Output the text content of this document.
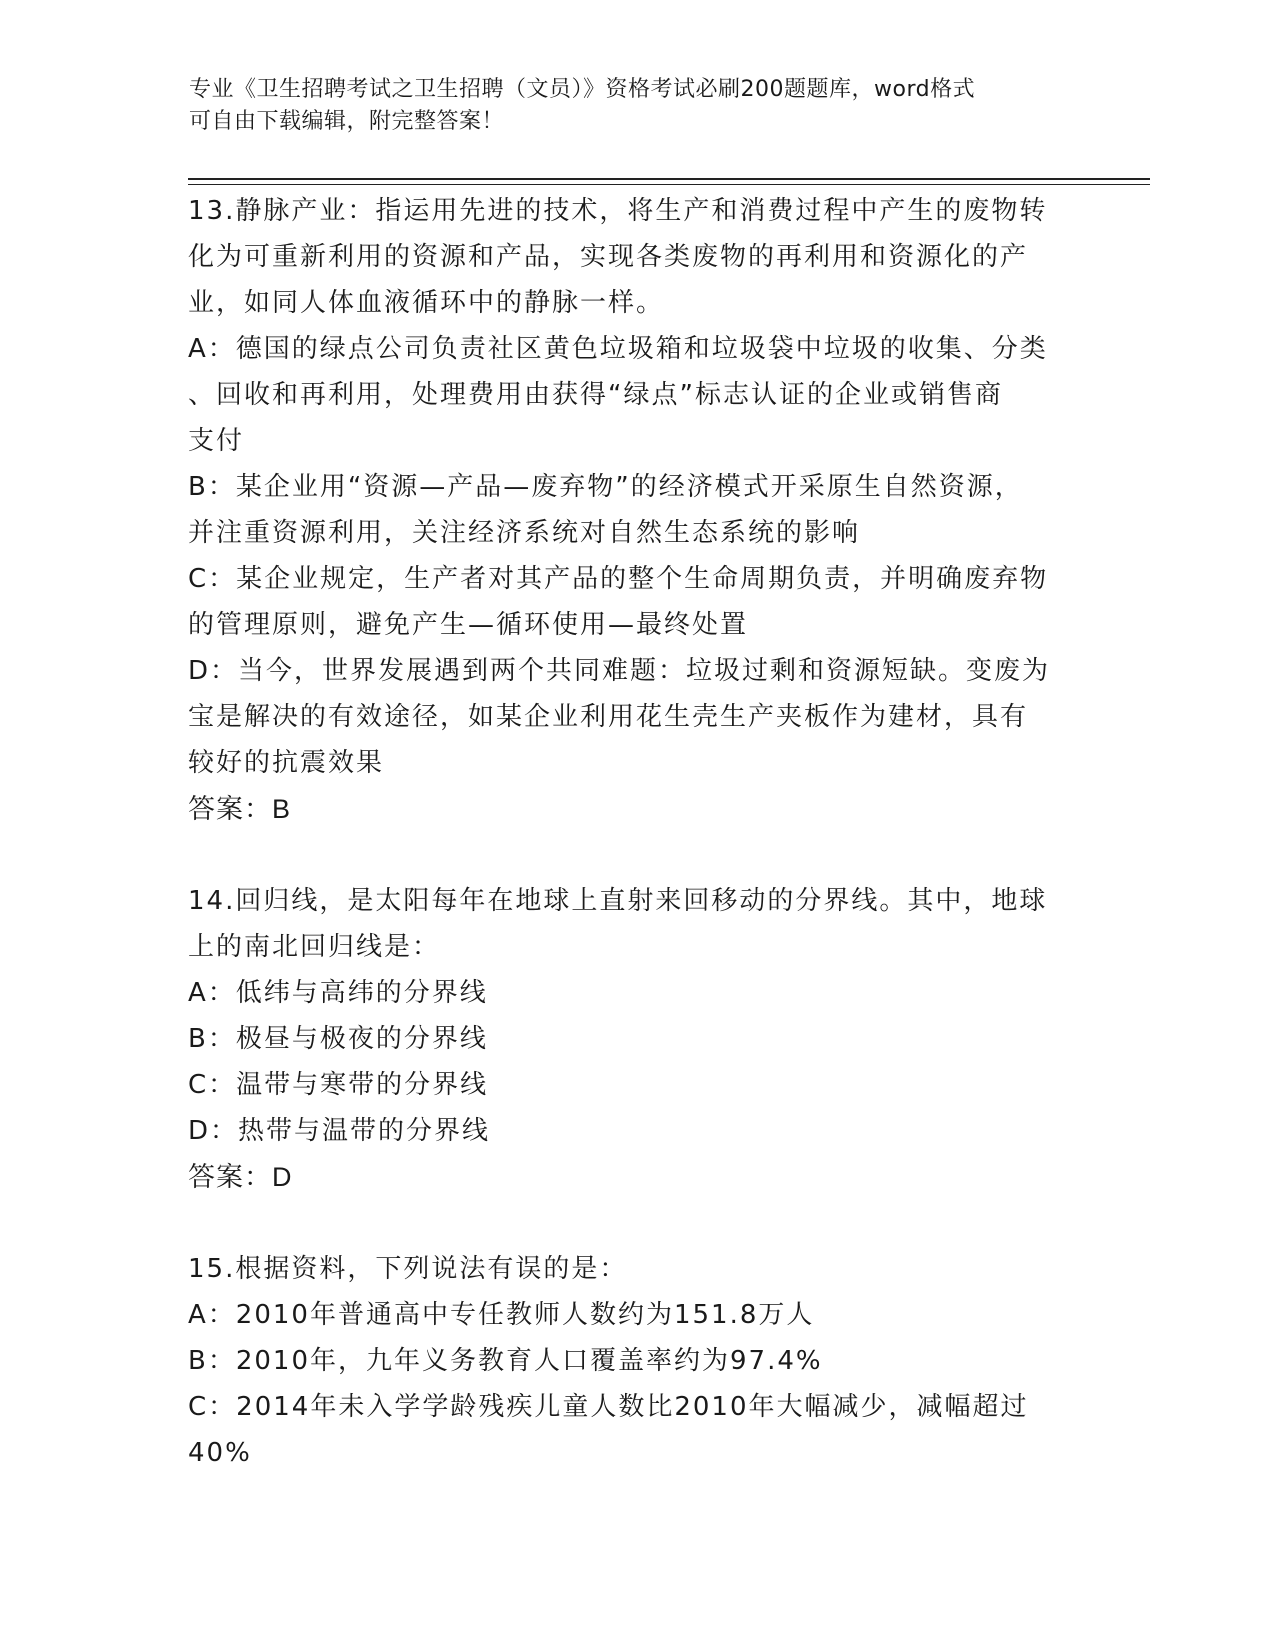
专业《卫生招聘考试之卫生招聘（文员）》资格考试必刷200题题库，word格式
可自由下载编辑，附完整答案！
13.静脉产业：指运用先进的技术，将生产和消费过程中产生的废物转
化为可重新利用的资源和产品，实现各类废物的再利用和资源化的产
业，如同人体血液循环中的静脉一样。
A：德国的绿点公司负责社区黄色垃圾箱和垃圾袋中垃圾的收集、分类
、回收和再利用，处理费用由获得“绿点”标志认证的企业或销售商
支付
B：某企业用“资源—产品—废弃物”的经济模式开采原生自然资源，
并注重资源利用，关注经济系统对自然生态系统的影响
C：某企业规定，生产者对其产品的整个生命周期负责，并明确废弃物
的管理原则，避免产生—循环使用—最终处置
D：当今，世界发展遇到两个共同难题：垃圾过剩和资源短缺。变废为
宝是解决的有效途径，如某企业利用花生壳生产夹板作为建材，具有
较好的抗震效果
答案：B
14.回归线，是太阳每年在地球上直射来回移动的分界线。其中，地球
上的南北回归线是：
A：低纬与高纬的分界线
B：极昼与极夜的分界线
C：温带与寒带的分界线
D：热带与温带的分界线
答案：D
15.根据资料，下列说法有误的是：
A：2010年普通高中专任教师人数约为151.8万人
B：2010年，九年义务教育人口覆盖率约为97.4%
C：2014年未入学学龄残疾儿童人数比2010年大幅减少，减幅超过
40%
